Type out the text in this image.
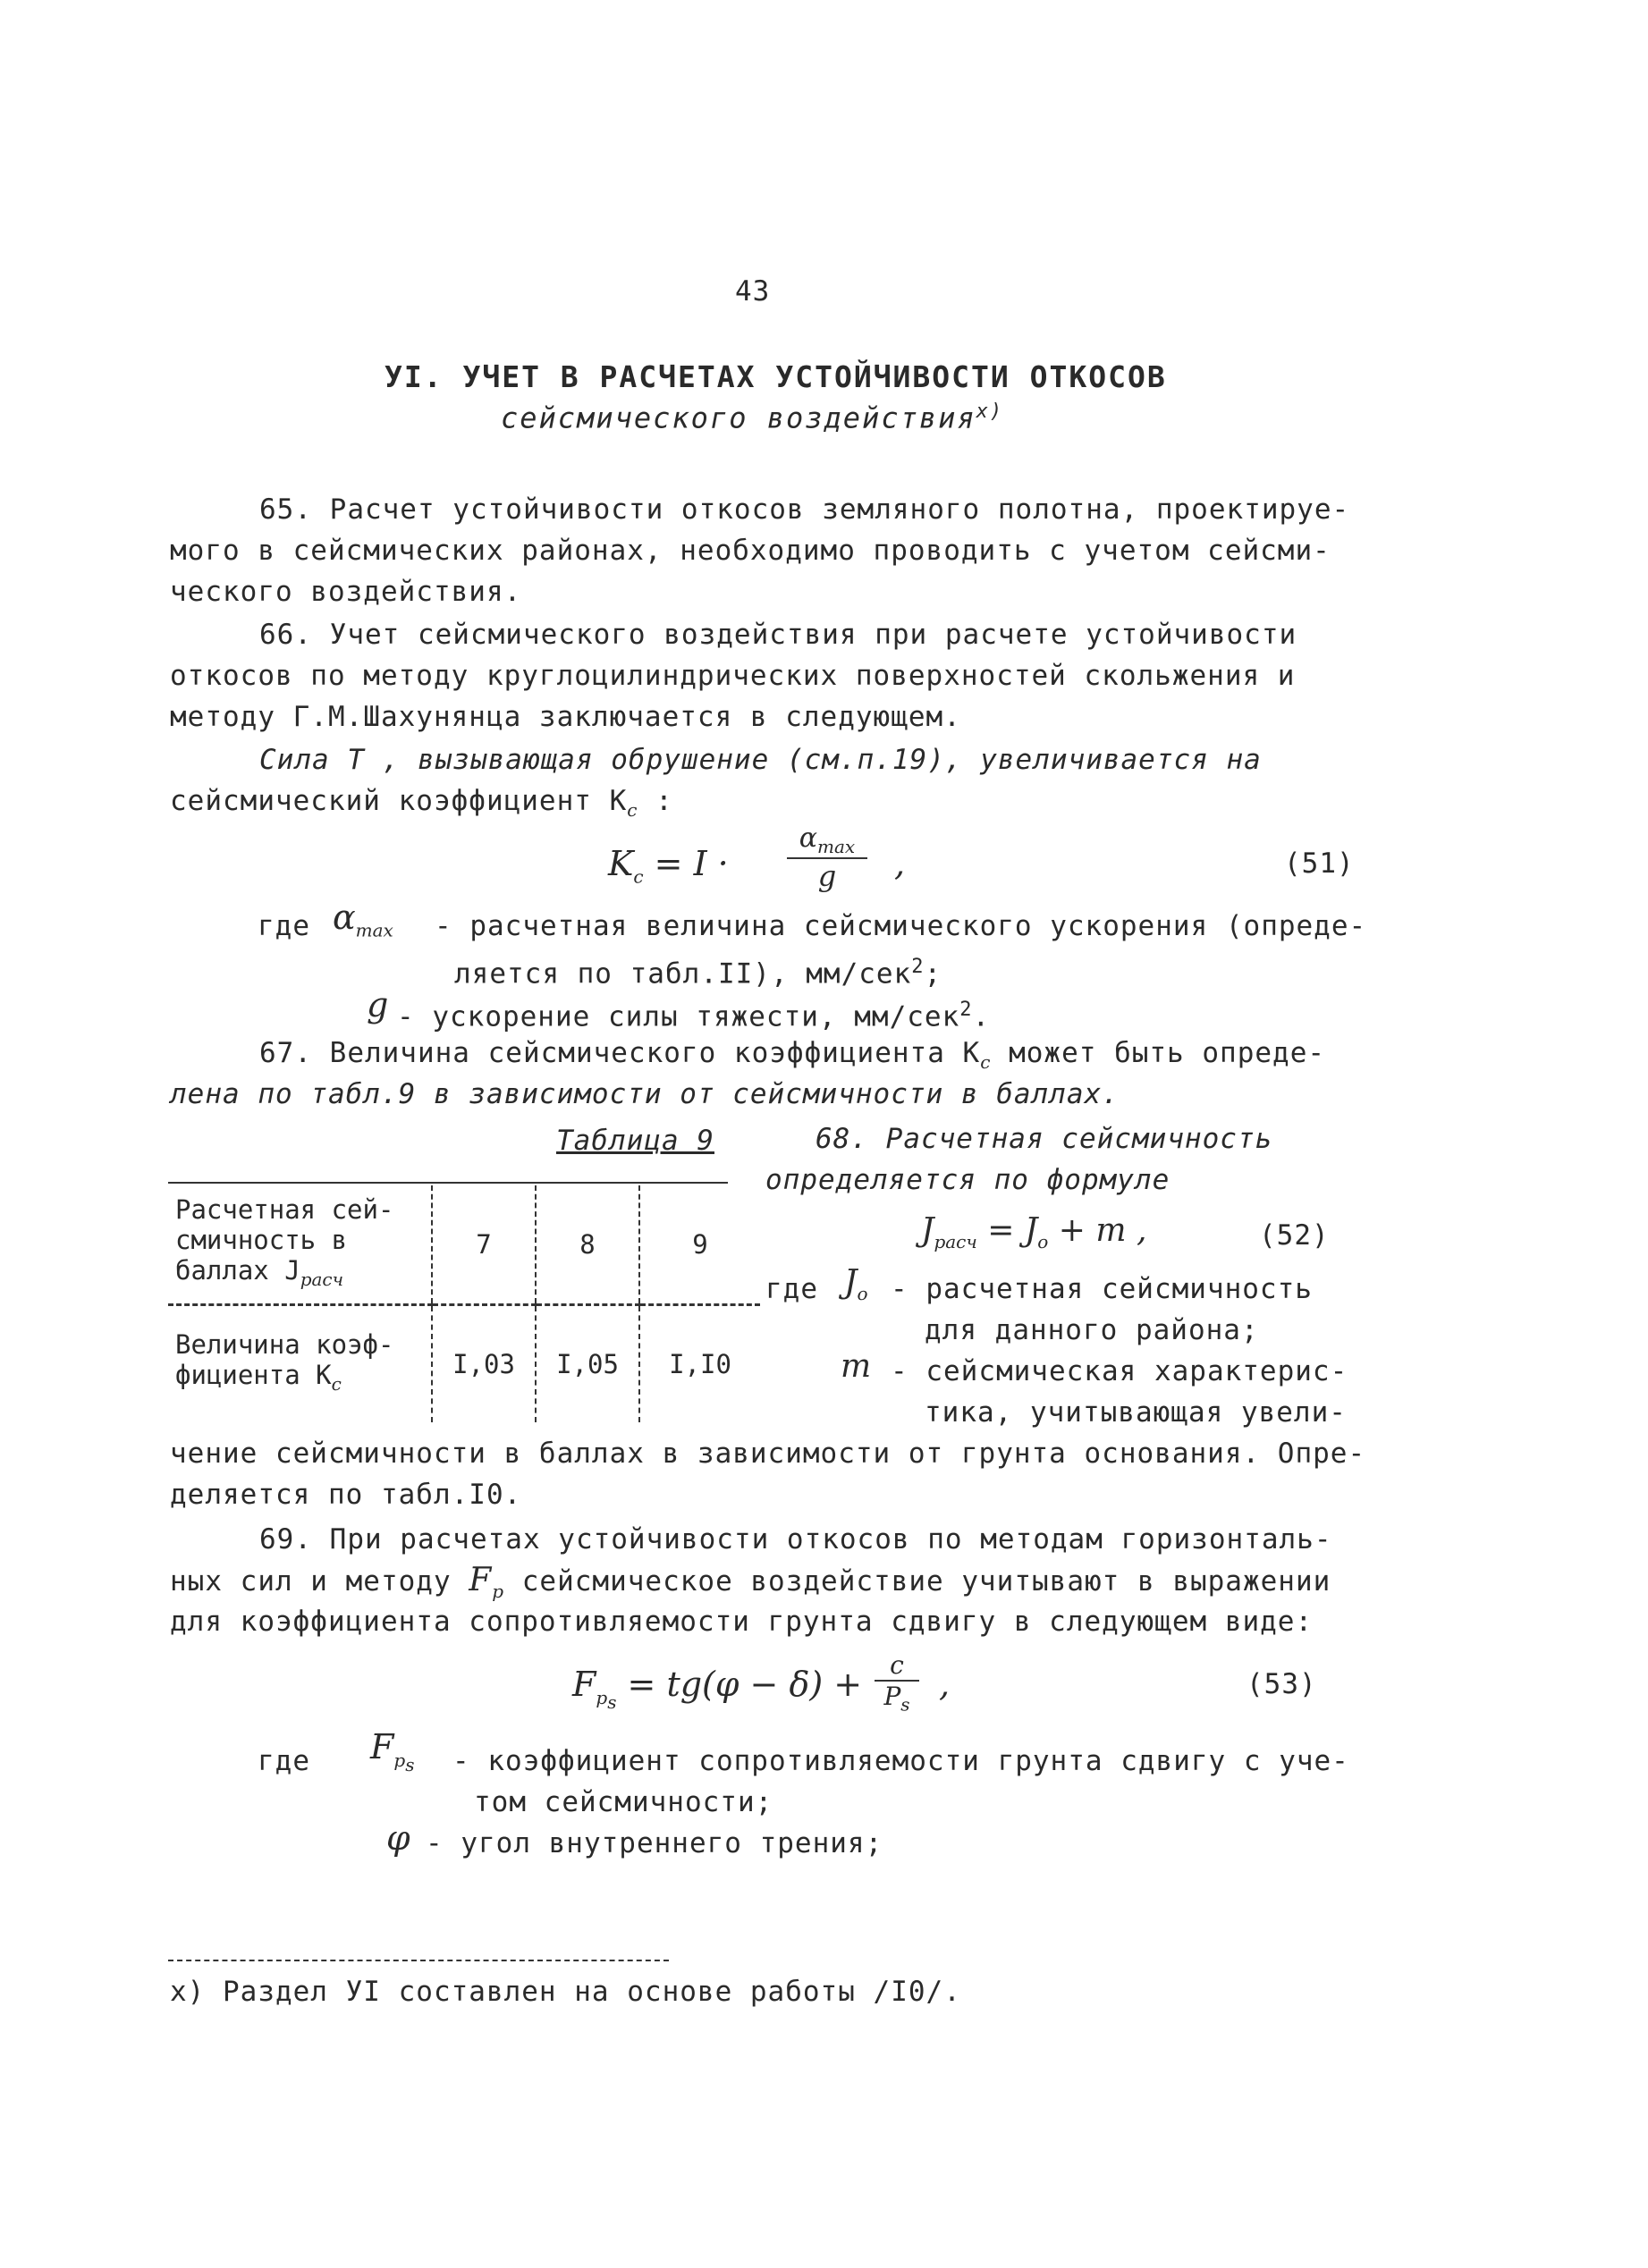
43
УI. УЧЕТ В РАСЧЕТАХ УСТОЙЧИВОСТИ ОТКОСОВ
сейсмического воздействия$^{x)}$
65. Расчет устойчивости откосов земляного полотна, проектируе-
мого в сейсмических районах, необходимо проводить с учетом сейсми-
ческого воздействия.
66. Учет сейсмического воздействия при расчете устойчивости
откосов по методу круглоцилиндрических поверхностей скольжения и
методу Г.М.Шахунянца заключается в следующем.
Сила Т , вызывающая обрушение (см.п.19), увеличивается на
сейсмический коэффициент $K_c$ :
$K_c = I$ ·
$\alpha_{max}$
g	,	(51)
где $\alpha_{max}$ - расчетная величина сейсмического ускорения (опреде-
ляется по табл.II), мм/сек$^2$;
g - ускорение силы тяжести, мм/сек$^2$.
67. Величина сейсмического коэффициента $K_c$ может быть опреде-
лена по табл.9 в зависимости от сейсмичности в баллах.
Таблица 9
Расчетная сей- смичность в баллах $J_{расч}$	7	8	9
Величина коэф- фициента $K_c$	I,03	I,05	I,I0
68. Расчетная сейсмичность
определяется по формуле
$J_{расч} = J_o + m$ ,	(52)
где $J_o$ - расчетная сейсмичность
для данного района;
m - сейсмическая характерис-
тика, учитывающая увели-
чение сейсмичности в баллах в зависимости от грунта основания. Опре-
деляется по табл.I0.
69. При расчетах устойчивости откосов по методам горизонталь-
ных сил и методу $F_p$ сейсмическое воздействие учитывают в выражении
для коэффициента сопротивляемости грунта сдвигу в следующем виде:
$F_{p_s} = tg(\varphi - \delta)$ +	c
$P_s$
,	(53)
где $F_{p_s}$ - коэффициент сопротивляемости грунта сдвигу с уче-
том сейсмичности;
φ - угол внутреннего трения;
x) Раздел УI составлен на основе работы /I0/.
